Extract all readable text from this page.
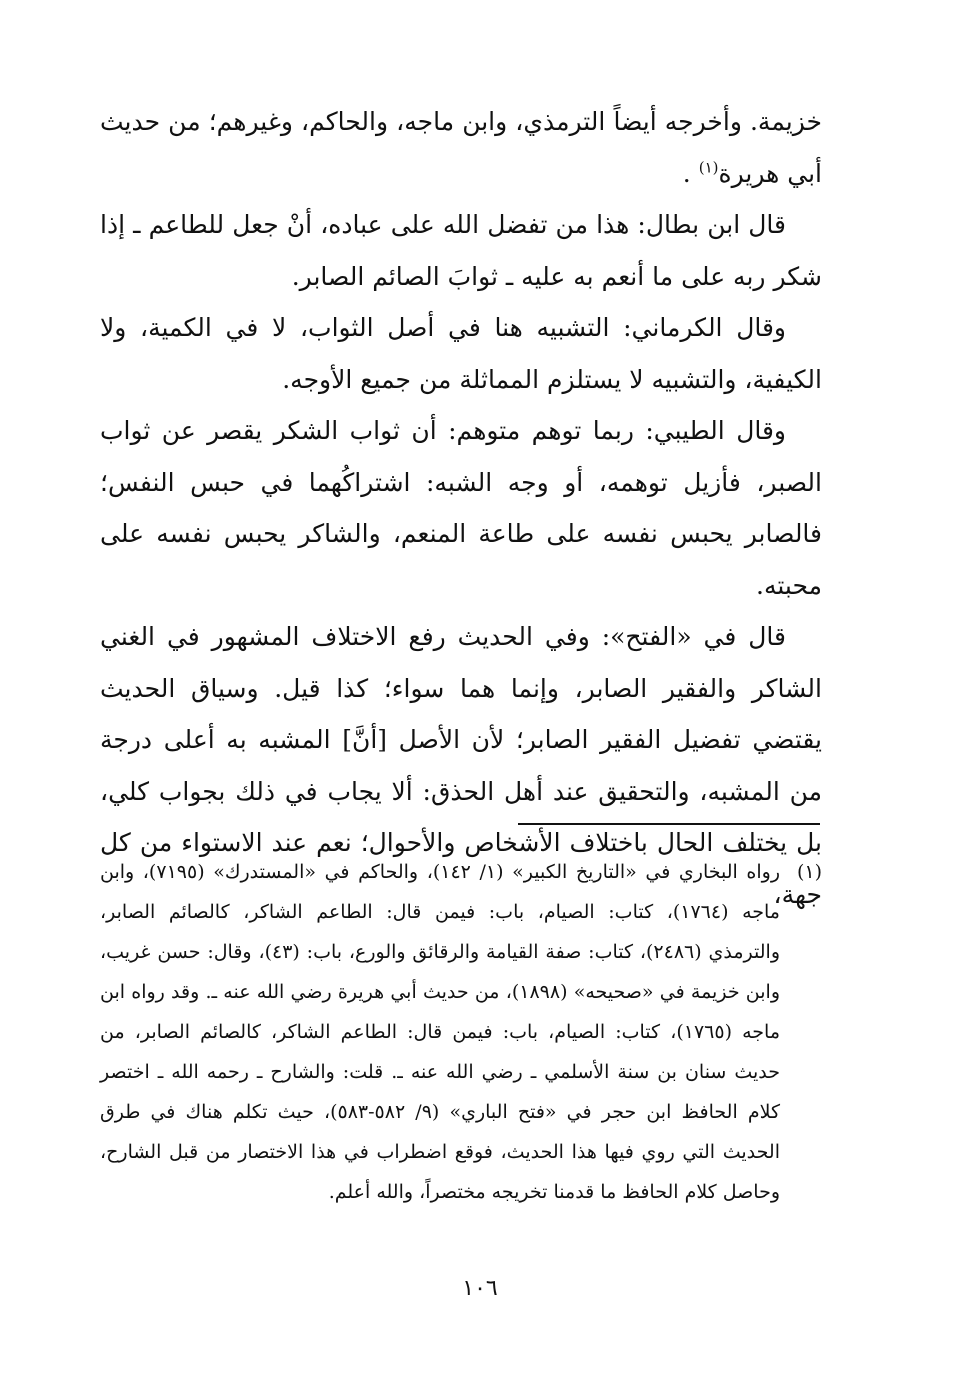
خزيمة. وأخرجه أيضاً الترمذي، وابن ماجه، والحاكم، وغيرهم؛ من حديث أبي هريرة$^{(١)}$ .

قال ابن بطال: هذا من تفضل الله على عباده، أنْ جعل للطاعم ـ إذا شكر ربه على ما أنعم به عليه ـ ثوابَ الصائم الصابر.

وقال الكرماني: التشبيه هنا في أصل الثواب، لا في الكمية، ولا الكيفية، والتشبيه لا يستلزم المماثلة من جميع الأوجه.

وقال الطيبي: ربما توهم متوهم: أن ثواب الشكر يقصر عن ثواب الصبر، فأزيل توهمه، أو وجه الشبه: اشتراكُهما في حبس النفس؛ فالصابر يحبس نفسه على طاعة المنعم، والشاكر يحبس نفسه على محبته.

قال في «الفتح»: وفي الحديث رفع الاختلاف المشهور في الغني الشاكر والفقير الصابر، وإنما هما سواء؛ كذا قيل. وسياق الحديث يقتضي تفضيل الفقير الصابر؛ لأن الأصل [أنَّ] المشبه به أعلى درجة من المشبه، والتحقيق عند أهل الحذق: ألا يجاب في ذلك بجواب كلي، بل يختلف الحال باختلاف الأشخاص والأحوال؛ نعم عند الاستواء من كل جهة،

(١)
رواه البخاري في «التاريخ الكبير» (١/ ١٤٢)، والحاكم في «المستدرك» (٧١٩٥)، وابن ماجه (١٧٦٤)، كتاب: الصيام، باب: فيمن قال: الطاعم الشاكر، كالصائم الصابر، والترمذي (٢٤٨٦)، كتاب: صفة القيامة والرقائق والورع، باب: (٤٣)، وقال: حسن غريب، وابن خزيمة في «صحيحه» (١٨٩٨)، من حديث أبي هريرة رضي الله عنه ـ. وقد رواه ابن ماجه (١٧٦٥)، كتاب: الصيام، باب: فيمن قال: الطاعم الشاكر، كالصائم الصابر، من حديث سنان بن سنة الأسلمي ـ رضي الله عنه ـ. قلت: والشارح ـ رحمه الله ـ اختصر كلام الحافظ ابن حجر في «فتح الباري» (٩/ ٥٨٢-٥٨٣)، حيث تكلم هناك في طرق الحديث التي روي فيها هذا الحديث، فوقع اضطراب في هذا الاختصار من قبل الشارح، وحاصل كلام الحافظ ما قدمنا تخريجه مختصراً، والله أعلم.
١٠٦
